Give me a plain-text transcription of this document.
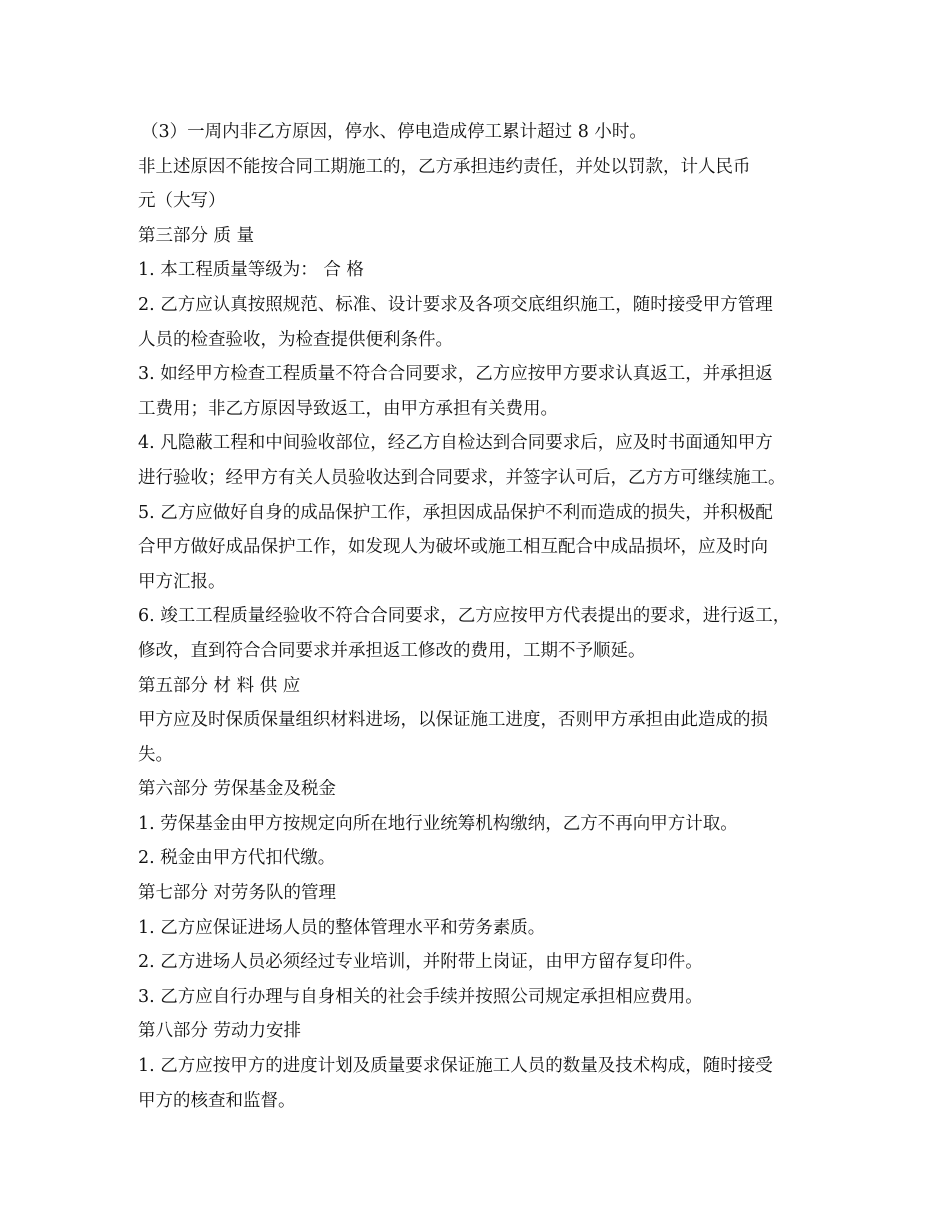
（3）一周内非乙方原因，停水、停电造成停工累计超过 8 小时。
非上述原因不能按合同工期施工的，乙方承担违约责任，并处以罚款，计人民币
元（大写）
第三部分 质 量
1. 本工程质量等级为： 合 格
2. 乙方应认真按照规范、标准、设计要求及各项交底组织施工，随时接受甲方管理
人员的检查验收，为检查提供便利条件。
3. 如经甲方检查工程质量不符合合同要求，乙方应按甲方要求认真返工，并承担返
工费用；非乙方原因导致返工，由甲方承担有关费用。
4. 凡隐蔽工程和中间验收部位，经乙方自检达到合同要求后，应及时书面通知甲方
进行验收；经甲方有关人员验收达到合同要求，并签字认可后，乙方方可继续施工。
5. 乙方应做好自身的成品保护工作，承担因成品保护不利而造成的损失，并积极配
合甲方做好成品保护工作，如发现人为破坏或施工相互配合中成品损坏，应及时向
甲方汇报。
6. 竣工工程质量经验收不符合合同要求，乙方应按甲方代表提出的要求，进行返工，
修改，直到符合合同要求并承担返工修改的费用，工期不予顺延。
第五部分 材 料 供 应
甲方应及时保质保量组织材料进场，以保证施工进度，否则甲方承担由此造成的损
失。
第六部分 劳保基金及税金
1. 劳保基金由甲方按规定向所在地行业统筹机构缴纳，乙方不再向甲方计取。
2. 税金由甲方代扣代缴。
第七部分 对劳务队的管理
1. 乙方应保证进场人员的整体管理水平和劳务素质。
2. 乙方进场人员必须经过专业培训，并附带上岗证，由甲方留存复印件。
3. 乙方应自行办理与自身相关的社会手续并按照公司规定承担相应费用。
第八部分 劳动力安排
1. 乙方应按甲方的进度计划及质量要求保证施工人员的数量及技术构成，随时接受
甲方的核查和监督。
